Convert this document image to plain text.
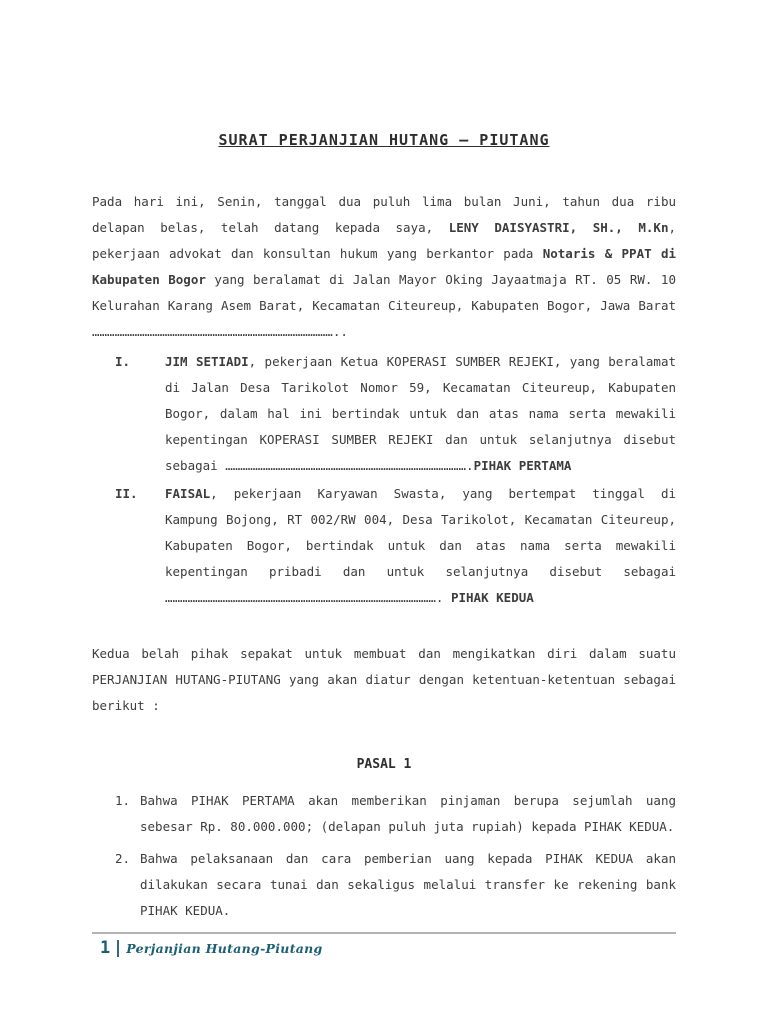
SURAT PERJANJIAN HUTANG – PIUTANG

Pada hari ini, Senin, tanggal dua puluh lima bulan Juni, tahun dua ribu delapan belas, telah datang kepada saya, LENY DAISYASTRI, SH., M.Kn, pekerjaan advokat dan konsultan hukum yang berkantor pada Notaris & PPAT di Kabupaten Bogor yang beralamat di Jalan Mayor Oking Jayaatmaja RT. 05 RW. 10 Kelurahan Karang Asem Barat, Kecamatan Citeureup, Kabupaten Bogor, Jawa Barat ……………………………………………………………………………………..

I.	JIM SETIADI, pekerjaan Ketua KOPERASI SUMBER REJEKI, yang beralamat di Jalan Desa Tarikolot Nomor 59, Kecamatan Citeureup, Kabupaten Bogor, dalam hal ini bertindak untuk dan atas nama serta mewakili kepentingan KOPERASI SUMBER REJEKI dan untuk selanjutnya disebut sebagai …………………………………………………………………………………….PIHAK PERTAMA
II.	FAISAL, pekerjaan Karyawan Swasta, yang bertempat tinggal di Kampung Bojong, RT 002/RW 004, Desa Tarikolot, Kecamatan Citeureup, Kabupaten Bogor, bertindak untuk dan atas nama serta mewakili kepentingan pribadi dan untuk selanjutnya disebut sebagai ………………………………………………………………………………………………. PIHAK KEDUA

Kedua belah pihak sepakat untuk membuat dan mengikatkan diri dalam suatu PERJANJIAN HUTANG-PIUTANG yang akan diatur dengan ketentuan-ketentuan sebagai berikut :

PASAL 1
1. Bahwa PIHAK PERTAMA akan memberikan pinjaman berupa sejumlah uang sebesar Rp. 80.000.000; (delapan puluh juta rupiah) kepada PIHAK KEDUA.
2. Bahwa pelaksanaan dan cara pemberian uang kepada PIHAK KEDUA akan dilakukan secara tunai dan sekaligus melalui transfer ke rekening bank PIHAK KEDUA.
1 Perjanjian Hutang-Piutang
